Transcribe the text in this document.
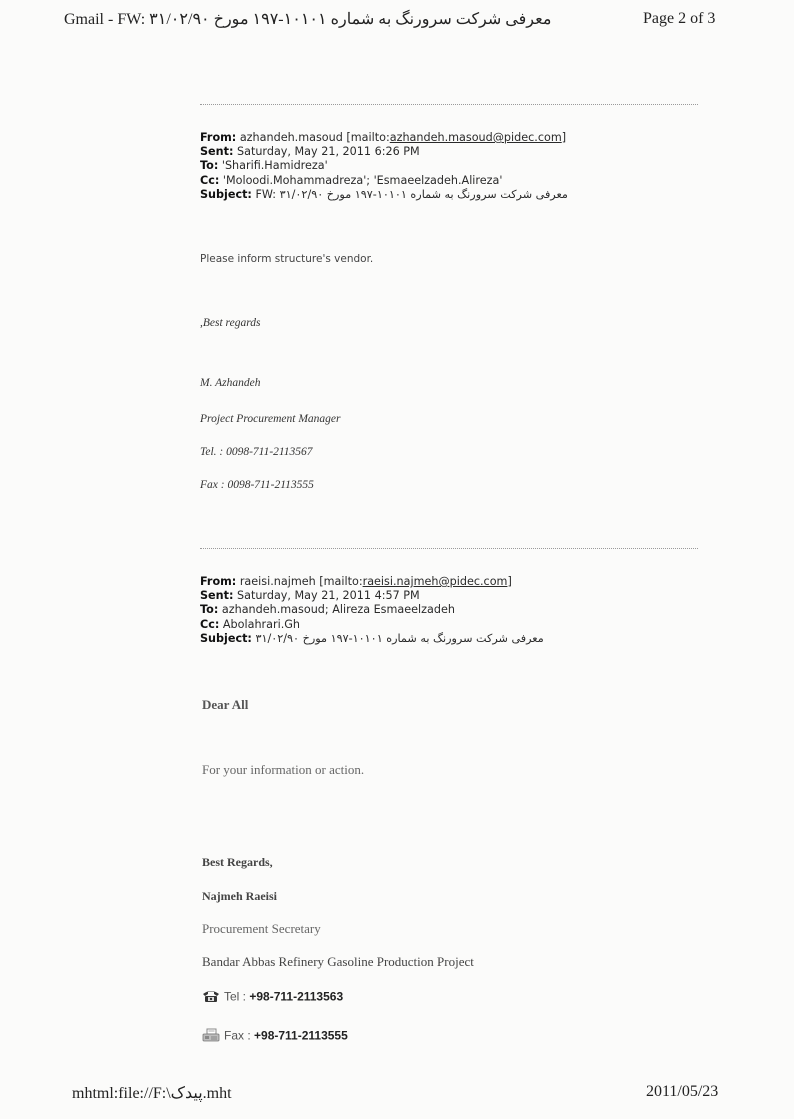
Gmail - FW: معرفی شرکت سرورنگ به شماره ۱۰۱۰۱-۱۹۷ مورخ ۳۱/۰۲/۹۰	Page 2 of 3
From: azhandeh.masoud [mailto:azhandeh.masoud@pidec.com]
Sent: Saturday, May 21, 2011 6:26 PM
To: 'Sharifi.Hamidreza'
Cc: 'Moloodi.Mohammadreza'; 'Esmaeelzadeh.Alireza'
Subject: FW: معرفی شرکت سرورنگ به شماره ۱۰۱۰۱-۱۹۷ مورخ ۳۱/۰۲/۹۰
Please inform structure's vendor.
,Best regards
M. Azhandeh
Project Procurement Manager
Tel. : 0098-711-2113567
Fax : 0098-711-2113555
From: raeisi.najmeh [mailto:raeisi.najmeh@pidec.com]
Sent: Saturday, May 21, 2011 4:57 PM
To: azhandeh.masoud; Alireza Esmaeelzadeh
Cc: Abolahrari.Gh
Subject: معرفی شرکت سرورنگ به شماره ۱۰۱۰۱-۱۹۷ مورخ ۳۱/۰۲/۹۰
Dear All
For your information or action.
Best Regards,
Najmeh Raeisi
Procurement Secretary
Bandar Abbas Refinery Gasoline Production Project
Tel : +98-711-2113563
Fax : +98-711-2113555
mhtml:file://F:\پیدک.mht	2011/05/23
